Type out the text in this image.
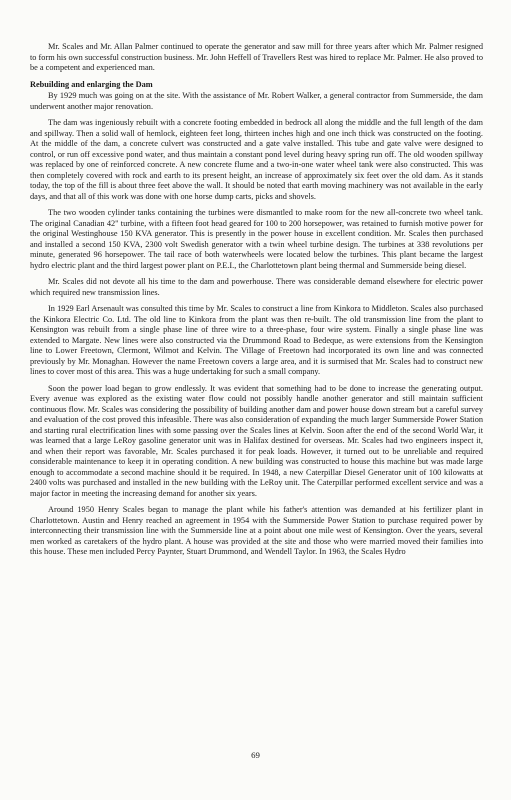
Mr. Scales and Mr. Allan Palmer continued to operate the generator and saw mill for three years after which Mr. Palmer resigned to form his own successful construction business. Mr. John Heffell of Travellers Rest was hired to replace Mr. Palmer. He also proved to be a competent and experienced man.

Rebuilding and enlarging the Dam

By 1929 much was going on at the site. With the assistance of Mr. Robert Walker, a general contractor from Summerside, the dam underwent another major renovation.

The dam was ingeniously rebuilt with a concrete footing embedded in bedrock all along the middle and the full length of the dam and spillway. Then a solid wall of hemlock, eighteen feet long, thirteen inches high and one inch thick was constructed on the footing. At the middle of the dam, a concrete culvert was constructed and a gate valve installed. This tube and gate valve were designed to control, or run off excessive pond water, and thus maintain a constant pond level during heavy spring run off. The old wooden spillway was replaced by one of reinforced concrete. A new concrete flume and a two-in-one water wheel tank were also constructed. This was then completely covered with rock and earth to its present height, an increase of approximately six feet over the old dam. As it stands today, the top of the fill is about three feet above the wall. It should be noted that earth moving machinery was not available in the early days, and that all of this work was done with one horse dump carts, picks and shovels.

The two wooden cylinder tanks containing the turbines were dismantled to make room for the new all-concrete two wheel tank. The original Canadian 42" turbine, with a fifteen foot head geared for 100 to 200 horsepower, was retained to furnish motive power for the original Westinghouse 150 KVA generator. This is presently in the power house in excellent condition. Mr. Scales then purchased and installed a second 150 KVA, 2300 volt Swedish generator with a twin wheel turbine design. The turbines at 338 revolutions per minute, generated 96 horsepower. The tail race of both waterwheels were located below the turbines. This plant became the largest hydro electric plant and the third largest power plant on P.E.I., the Charlottetown plant being thermal and Summerside being diesel.

Mr. Scales did not devote all his time to the dam and powerhouse. There was considerable demand elsewhere for electric power which required new transmission lines.

In 1929 Earl Arsenault was consulted this time by Mr. Scales to construct a line from Kinkora to Middleton. Scales also purchased the Kinkora Electric Co. Ltd. The old line to Kinkora from the plant was then re-built. The old transmission line from the plant to Kensington was rebuilt from a single phase line of three wire to a three-phase, four wire system. Finally a single phase line was extended to Margate. New lines were also constructed via the Drummond Road to Bedeque, as were extensions from the Kensington line to Lower Freetown, Clermont, Wilmot and Kelvin. The Village of Freetown had incorporated its own line and was connected previously by Mr. Monaghan. However the name Freetown covers a large area, and it is surmised that Mr. Scales had to construct new lines to cover most of this area. This was a huge undertaking for such a small company.

Soon the power load began to grow endlessly. It was evident that something had to be done to increase the generating output. Every avenue was explored as the existing water flow could not possibly handle another generator and still maintain sufficient continuous flow. Mr. Scales was considering the possibility of building another dam and power house down stream but a careful survey and evaluation of the cost proved this infeasible. There was also consideration of expanding the much larger Summerside Power Station and starting rural electrification lines with some passing over the Scales lines at Kelvin. Soon after the end of the second World War, it was learned that a large LeRoy gasoline generator unit was in Halifax destined for overseas. Mr. Scales had two engineers inspect it, and when their report was favorable, Mr. Scales purchased it for peak loads. However, it turned out to be unreliable and required considerable maintenance to keep it in operating condition. A new building was constructed to house this machine but was made large enough to accommodate a second machine should it be required. In 1948, a new Caterpillar Diesel Generator unit of 100 kilowatts at 2400 volts was purchased and installed in the new building with the LeRoy unit. The Caterpillar performed excellent service and was a major factor in meeting the increasing demand for another six years.

Around 1950 Henry Scales began to manage the plant while his father's attention was demanded at his fertilizer plant in Charlottetown. Austin and Henry reached an agreement in 1954 with the Summerside Power Station to purchase required power by interconnecting their transmission line with the Summerside line at a point about one mile west of Kensington. Over the years, several men worked as caretakers of the hydro plant. A house was provided at the site and those who were married moved their families into this house. These men included Percy Paynter, Stuart Drummond, and Wendell Taylor. In 1963, the Scales Hydro

69
